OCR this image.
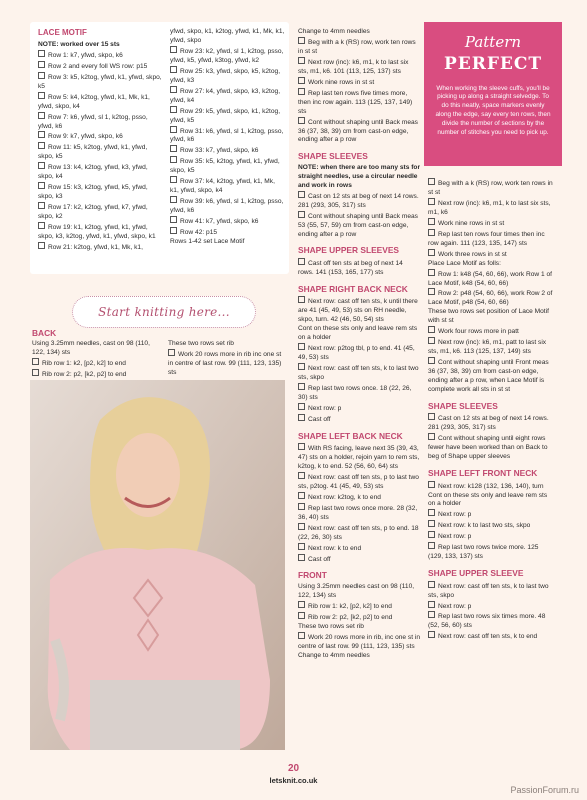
LACE MOTIF
NOTE: worked over 15 sts
Row 1: k7, yfwd, skpo, k6
Row 2 and every foll WS row: p15
Row 3: k5, k2tog, yfwd, k1, yfwd, skpo, k5
Row 5: k4, k2tog, yfwd, k1, Mk, k1, yfwd, skpo, k4
Row 7: k6, yfwd, sl 1, k2tog, psso, yfwd, k6
Row 9: k7, yfwd, skpo, k6
Row 11: k5, k2tog, yfwd, k1, yfwd, skpo, k5
Row 13: k4, k2tog, yfwd, k3, yfwd, skpo, k4
Row 15: k3, k2tog, yfwd, k5, yfwd, skpo, k3
Row 17: k2, k2tog, yfwd, k7, yfwd, skpo, k2
Row 19: k1, k2tog, yfwd, k1, yfwd, skpo, k3, k2tog, yfwd, k1, yfwd, skpo, k1
Row 21: k2tog, yfwd, k1, Mk, k1,
yfwd, skpo, k1, k2tog, yfwd, k1, Mk, k1, yfwd, skpo
Row 23: k2, yfwd, sl 1, k2tog, psso, yfwd, k5, yfwd, k3tog, yfwd, k2
Row 25: k3, yfwd, skpo, k5, k2tog, yfwd, k3
Row 27: k4, yfwd, skpo, k3, k2tog, yfwd, k4
Row 29: k5, yfwd, skpo, k1, k2tog, yfwd, k5
Row 31: k6, yfwd, sl 1, k2tog, psso, yfwd, k6
Row 33: k7, yfwd, skpo, k6
Row 35: k5, k2tog, yfwd, k1, yfwd, skpo, k5
Row 37: k4, k2tog, yfwd, k1, Mk, k1, yfwd, skpo, k4
Row 39: k6, yfwd, sl 1, k2tog, psso, yfwd, k6
Row 41: k7, yfwd, skpo, k6
Row 42: p15
Rows 1-42 set Lace Motif
Start knitting here...
BACK
Using 3.25mm needles, cast on 98 (110, 122, 134) sts
Rib row 1: k2, [p2, k2] to end
Rib row 2: p2, [k2, p2] to end
These two rows set rib
Work 20 rows more in rib inc one st in centre of last row. 99 (111, 123, 135) sts
Change to 4mm needles
Beg with a k (RS) row, work ten rows in st st
Next row (inc): k6, m1, k to last six sts, m1, k6. 101 (113, 125, 137) sts
Work nine rows in st st
Rep last ten rows five times more, then inc row again. 113 (125, 137, 149) sts
Cont without shaping until Back meas 36 (37, 38, 39) cm from cast-on edge, ending after a p row
SHAPE SLEEVES
NOTE: when there are too many sts for straight needles, use a circular needle and work in rows
Cast on 12 sts at beg of next 14 rows. 281 (293, 305, 317) sts
Cont without shaping until Back meas 53 (55, 57, 59) cm from cast-on edge, ending after a p row
SHAPE UPPER SLEEVES
Cast off ten sts at beg of next 14 rows. 141 (153, 165, 177) sts
SHAPE RIGHT BACK NECK
Next row: cast off ten sts, k until there are 41 (45, 49, 53) sts on RH needle, skpo, turn. 42 (46, 50, 54) sts
Cont on these sts only and leave rem sts on a holder
Next row: p2tog tbl, p to end. 41 (45, 49, 53) sts
Next row: cast off ten sts, k to last two sts, skpo
Rep last two rows once. 18 (22, 26, 30) sts
Next row: p
Cast off
SHAPE LEFT BACK NECK
With RS facing, leave next 35 (39, 43, 47) sts on a holder, rejoin yarn to rem sts, k2tog, k to end. 52 (56, 60, 64) sts
Next row: cast off ten sts, p to last two sts, p2tog. 41 (45, 49, 53) sts
Next row: k2tog, k to end
Rep last two rows once more. 28 (32, 36, 40) sts
Next row: cast off ten sts, p to end. 18 (22, 26, 30) sts
Next row: k to end
Cast off
FRONT
Using 3.25mm needles cast on 98 (110, 122, 134) sts
Rib row 1: k2, [p2, k2] to end
Rib row 2: p2, [k2, p2] to end
These two rows set rib
Work 20 rows more in rib, inc one st in centre of last row. 99 (111, 123, 135) sts
Change to 4mm needles
Pattern
PERFECT
When working the sleeve cuffs, you'll be picking up along a straight selvedge. To do this neatly, space markers evenly along the edge, say every ten rows, then divide the number of sections by the number of stitches you need to pick up.
Beg with a k (RS) row, work ten rows in st st
Next row (inc): k6, m1, k to last six sts, m1, k6
Work nine rows in st st
Rep last ten rows four times then inc row again. 111 (123, 135, 147) sts
Work three rows in st st
Place Lace Motif as folls:
Row 1: k48 (54, 60, 66), work Row 1 of Lace Motif, k48 (54, 60, 66)
Row 2: p48 (54, 60, 66), work Row 2 of Lace Motif, p48 (54, 60, 66)
These two rows set position of Lace Motif with st st
Work four rows more in patt
Next row (inc): k6, m1, patt to last six sts, m1, k6. 113 (125, 137, 149) sts
Cont without shaping until Front meas 36 (37, 38, 39) cm from cast-on edge, ending after a p row, when Lace Motif is complete work all sts in st st
SHAPE SLEEVES
Cast on 12 sts at beg of next 14 rows. 281 (293, 305, 317) sts
Cont without shaping until eight rows fewer have been worked than on Back to beg of Shape upper sleeves
SHAPE LEFT FRONT NECK
Next row: k128 (132, 136, 140), turn
Cont on these sts only and leave rem sts on a holder
Next row: p
Next row: k to last two sts, skpo
Next row: p
Rep last two rows twice more. 125 (129, 133, 137) sts
SHAPE UPPER SLEEVE
Next row: cast off ten sts, k to last two sts, skpo
Next row: p
Rep last two rows six times more. 48 (52, 56, 60) sts
Next row: cast off ten sts, k to end
20
letsknit.co.uk
PassionForum.ru
